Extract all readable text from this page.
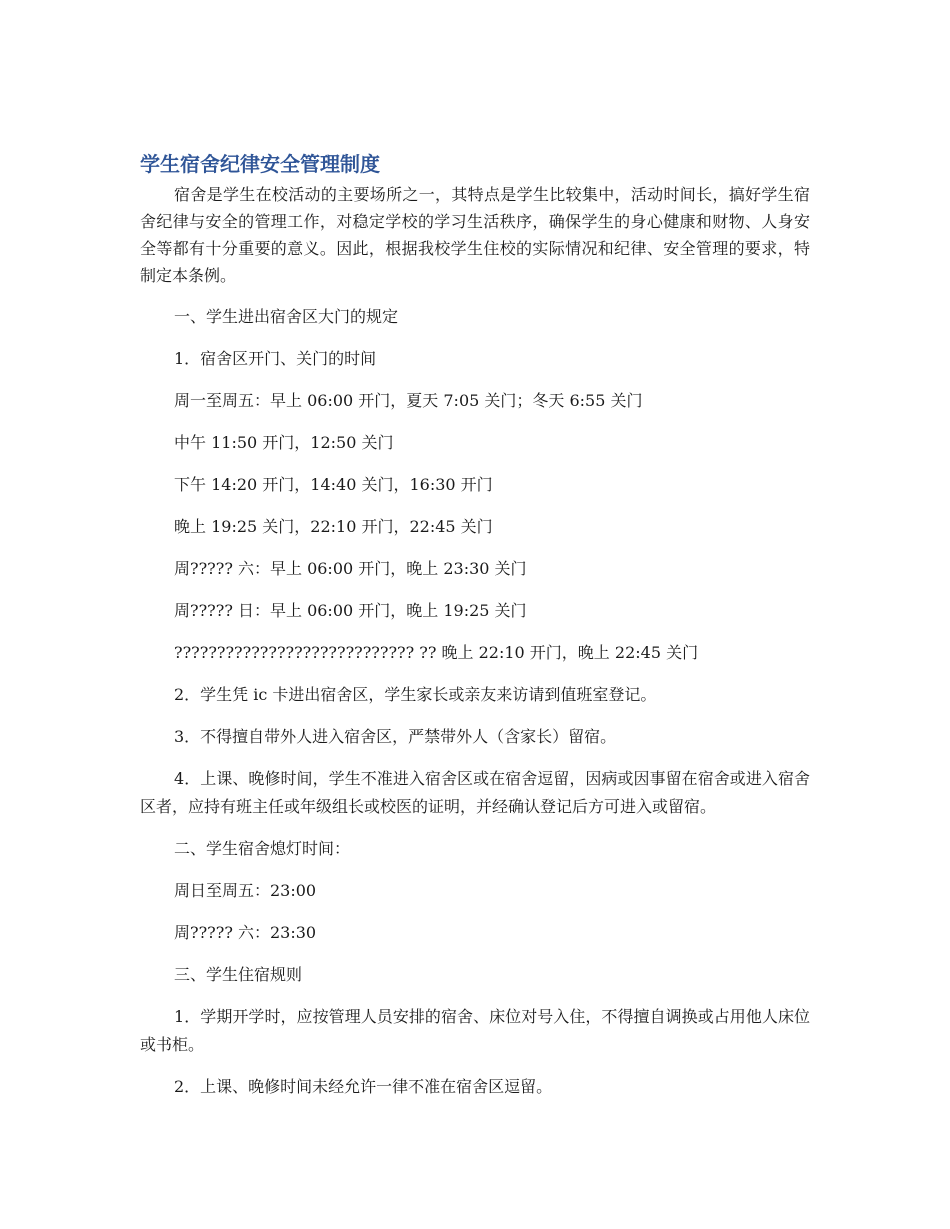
学生宿舍纪律安全管理制度

宿舍是学生在校活动的主要场所之一，其特点是学生比较集中，活动时间长，搞好学生宿舍纪律与安全的管理工作，对稳定学校的学习生活秩序，确保学生的身心健康和财物、人身安全等都有十分重要的意义。因此，根据我校学生住校的实际情况和纪律、安全管理的要求，特制定本条例。

一、学生进出宿舍区大门的规定

1．宿舍区开门、关门的时间

周一至周五：早上 06:00 开门，夏天 7:05 关门；冬天 6:55 关门

中午 11:50 开门，12:50 关门

下午 14:20 开门，14:40 关门，16:30 开门

晚上 19:25 关门，22:10 开门，22:45 关门

周????? 六：早上 06:00 开门，晚上 23:30 关门

周????? 日：早上 06:00 开门，晚上 19:25 关门

???????????????????????????? ?? 晚上 22:10 开门，晚上 22:45 关门

2．学生凭 ic 卡进出宿舍区，学生家长或亲友来访请到值班室登记。

3．不得擅自带外人进入宿舍区，严禁带外人（含家长）留宿。

4．上课、晚修时间，学生不准进入宿舍区或在宿舍逗留，因病或因事留在宿舍或进入宿舍区者，应持有班主任或年级组长或校医的证明，并经确认登记后方可进入或留宿。

二、学生宿舍熄灯时间：

周日至周五：23:00

周????? 六：23:30

三、学生住宿规则

1．学期开学时，应按管理人员安排的宿舍、床位对号入住，不得擅自调换或占用他人床位或书柜。

2．上课、晚修时间未经允许一律不准在宿舍区逗留。
